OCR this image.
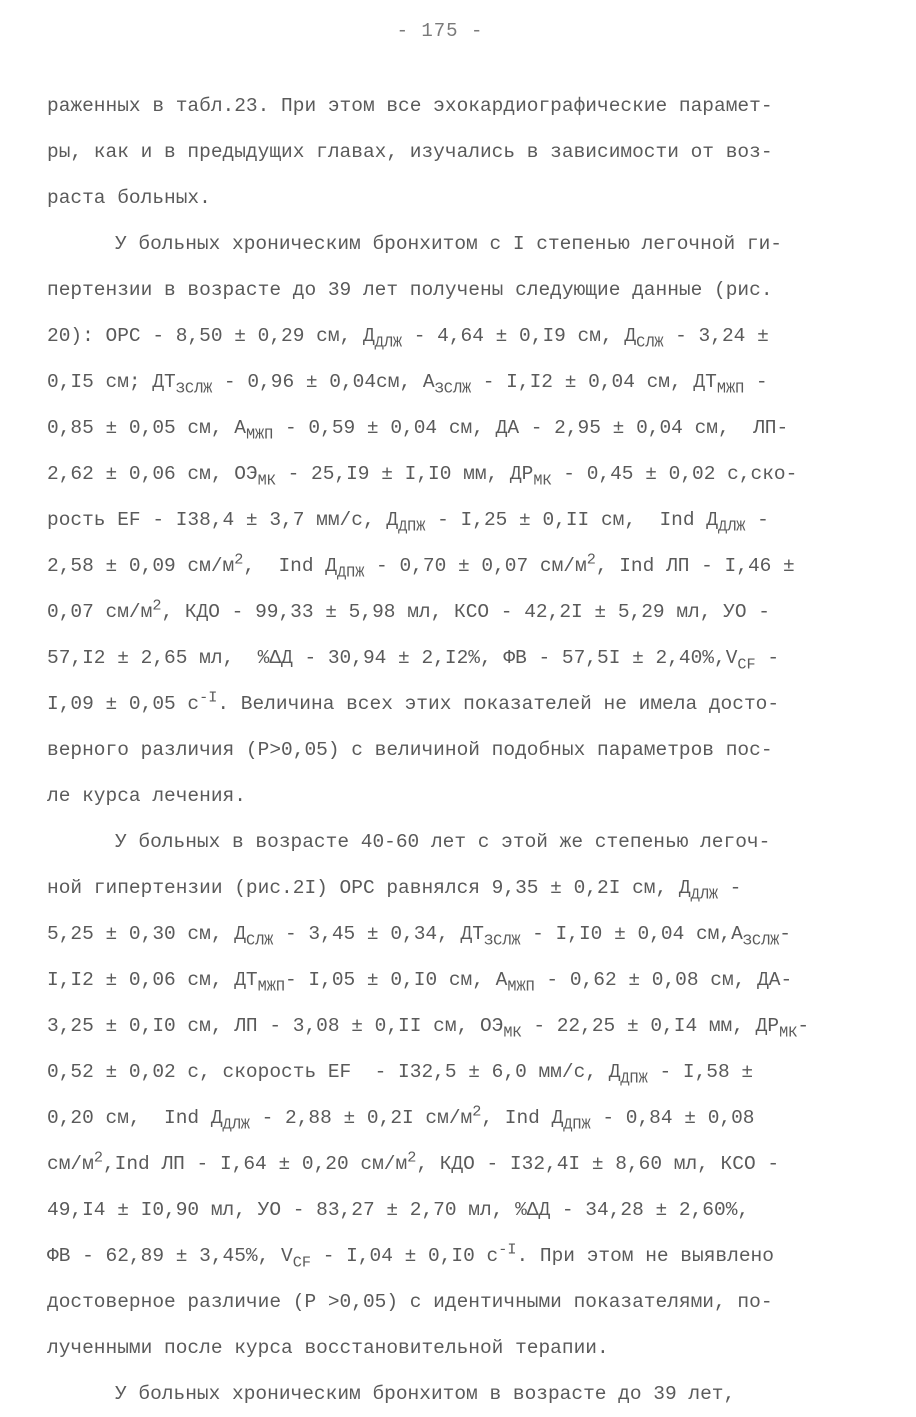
- 175 -
раженных в табл.23. При этом все эхокардиографические парамет-
ры, как и в предыдущих главах, изучались в зависимости от воз-
раста больных.
У больных хроническим бронхитом с I степенью легочной ги-
пертензии в возрасте до 39 лет получены следующие данные (рис.
20): ОРС - 8,50 ± 0,29 см, $Д_{ДЛЖ} - 4,64 \pm 0,I9$ см, $Д_{СЛЖ} - 3,24$ ±
0,I5 см; $ДТ_{ЗСЛЖ} - 0,96 \pm 0,04см$, $А_{ЗСЛЖ} - I,I2 \pm 0,04$ см, $ДТ_{МЖП}$ -
0,85 ± 0,05 см, $А_{МЖП} - 0,59 \pm 0,04$ см, ДА - 2,95 ± 0,04 см,  ЛП-
2,62 ± 0,06 см, $ОЭ_{МК} - 25,I9 \pm I,I0$ мм, $ДР_{МК} - 0,45 \pm 0,02$ с,ско-
рость EF - I38,4 ± 3,7 мм/с, $Д_{ДПЖ} - I,25 \pm 0,II$ см,  Ind $Д_{ДЛЖ}$ -
2,58 ± 0,09 $см/м^2$,  Ind $Д_{ДПЖ} - 0,70 \pm 0,07$ $см/м^2$, Ind ЛП - I,46 ±
0,07 $см/м^2$, КДО - 99,33 ± 5,98 мл, КСО - 42,2I ± 5,29 мл, УО -
57,I2 ± 2,65 мл,  %ΔД - 30,94 ± 2,I2%, ФВ - $57,5I \pm 2,40\%,V_{CF}$ -
I,09 ± 0,05 $с^{-I}$. Величина всех этих показателей не имела досто-
верного различия (Р>0,05) с величиной подобных параметров пос-
ле курса лечения.
У больных в возрасте 40-60 лет с этой же степенью легоч-
ной гипертензии (рис.2I) ОРС равнялся 9,35 ± 0,2I см, $Д_{ДЛЖ}$ -
5,25 ± 0,30 см, $Д_{СЛЖ} - 3,45 \pm 0,34$, $ДТ_{ЗСЛЖ} - I,I0 \pm 0,04$ $см,А_{ЗСЛЖ}-$
I,I2 ± 0,06 см, $ДТ_{МЖП}-$ I,05 ± 0,I0 см, $А_{МЖП} - 0,62 \pm 0,08$ см, ДА-
3,25 ± 0,I0 см, ЛП - 3,08 ± 0,II см, $ОЭ_{МК} - 22,25 \pm 0,I4$ мм, $ДР_{МК}-$
0,52 ± 0,02 с, скорость EF  - I32,5 ± 6,0 мм/с, $Д_{ДПЖ} - I,58$ ±
0,20 см,  Ind $Д_{ДЛЖ} - 2,88 \pm 0,2I$ $см/м^2$, Ind $Д_{ДПЖ} - 0,84 \pm 0,08$
$см/м^2,Ind$ ЛП - I,64 ± 0,20 $см/м^2$, КДО - I32,4I ± 8,60 мл, КСО -
49,I4 ± I0,90 мл, УО - 83,27 ± 2,70 мл, %ΔД - 34,28 ± 2,60%,
ФВ - 62,89 ± 3,45%, $V_{CF} - I,04 \pm 0,I0$ $с^{-I}$. При этом не выявлено
достоверное различие (Р >0,05) с идентичными показателями, по-
лученными после курса восстановительной терапии.
У больных хроническим бронхитом в возрасте до 39 лет,
